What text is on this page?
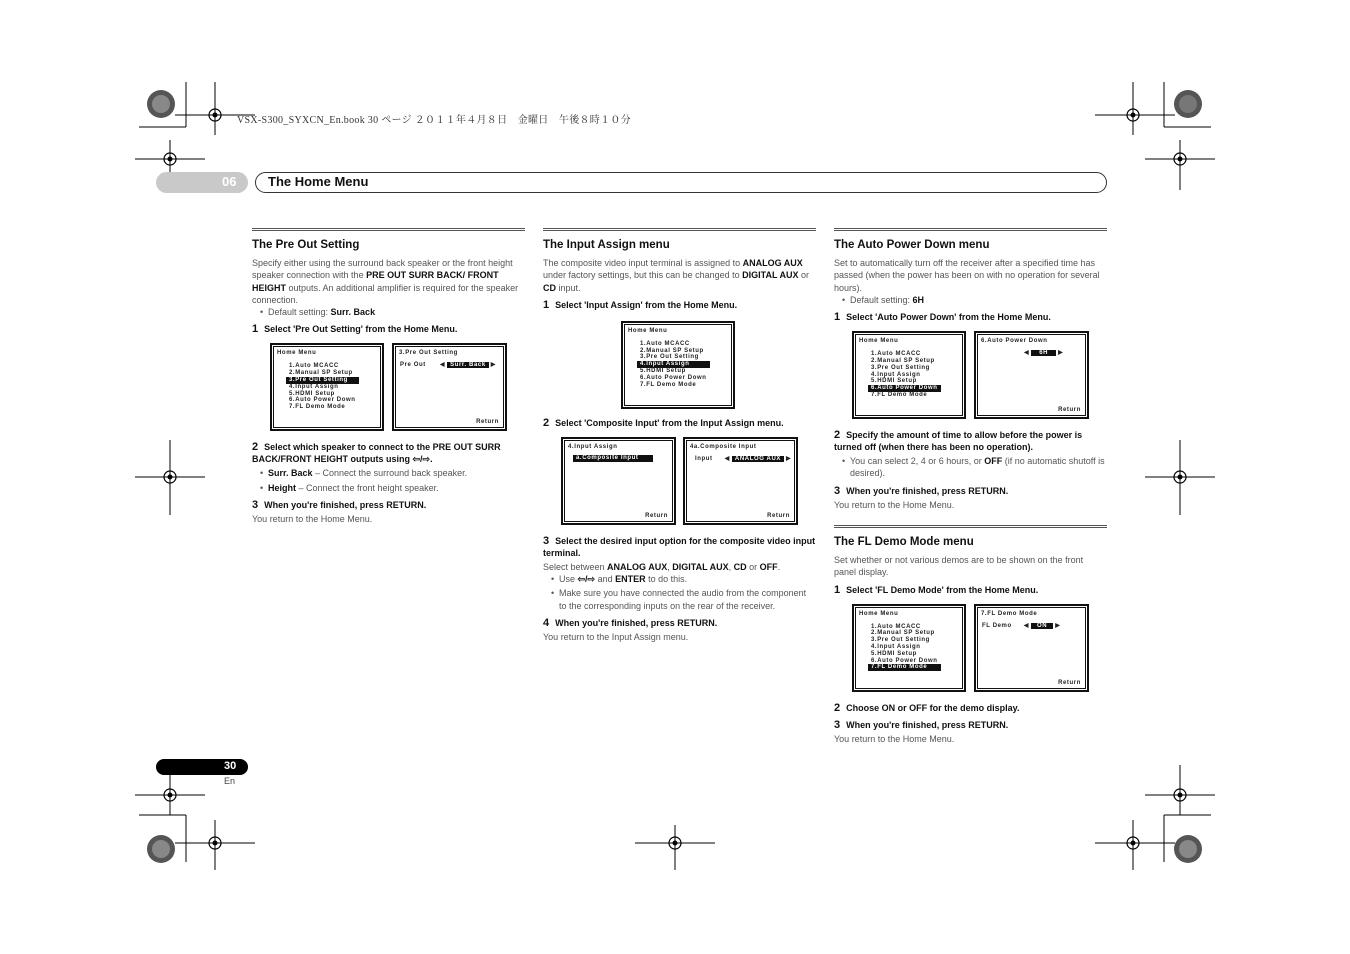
VSX-S300_SYXCN_En.book 30 ページ ２０１１年４月８日　金曜日　午後８時１０分
06 The Home Menu
The Pre Out Setting

Specify either using the surround back speaker or the front height speaker connection with the PRE OUT SURR BACK/ FRONT HEIGHT outputs. An additional amplifier is required for the speaker connection.

• Default setting: Surr. Back

1 Select 'Pre Out Setting' from the Home Menu.
Home Menu
1.Auto MCACC
2.Manual SP Setup
3.Pre Out Setting
4.Input Assign
5.HDMI Setup
6.Auto Power Down
7.FL Demo Mode
3.Pre Out Setting
Pre Out ◀ Surr. Back ▶
Return
2 Select which speaker to connect to the PRE OUT SURR BACK/FRONT HEIGHT outputs using ⇦/⇨.

• Surr. Back – Connect the surround back speaker.

• Height – Connect the front height speaker.

3 When you're finished, press RETURN.

You return to the Home Menu.

The Input Assign menu

The composite video input terminal is assigned to ANALOG AUX under factory settings, but this can be changed to DIGITAL AUX or CD input.

1 Select 'Input Assign' from the Home Menu.
Home Menu
1.Auto MCACC
2.Manual SP Setup
3.Pre Out Setting
4.Input Assign
5.HDMI Setup
6.Auto Power Down
7.FL Demo Mode
2 Select 'Composite Input' from the Input Assign menu.
4.Input Assign
a.Composite Input
Return
4a.Composite Input
Input ◀ ANALOG AUX ▶
Return
3 Select the desired input option for the composite video input terminal.

Select between ANALOG AUX, DIGITAL AUX, CD or OFF.

• Use ⇦/⇨ and ENTER to do this.

• Make sure you have connected the audio from the component to the corresponding inputs on the rear of the receiver.

4 When you're finished, press RETURN.

You return to the Input Assign menu.

The Auto Power Down menu

Set to automatically turn off the receiver after a specified time has passed (when the power has been on with no operation for several hours).

• Default setting: 6H

1 Select 'Auto Power Down' from the Home Menu.
Home Menu
1.Auto MCACC
2.Manual SP Setup
3.Pre Out Setting
4.Input Assign
5.HDMI Setup
6.Auto Power Down
7.FL Demo Mode
6.Auto Power Down
◀ 6H ▶
Return
2 Specify the amount of time to allow before the power is turned off (when there has been no operation).

• You can select 2, 4 or 6 hours, or OFF (if no automatic shutoff is desired).

3 When you're finished, press RETURN.

You return to the Home Menu.

The FL Demo Mode menu

Set whether or not various demos are to be shown on the front panel display.

1 Select 'FL Demo Mode' from the Home Menu.
Home Menu
1.Auto MCACC
2.Manual SP Setup
3.Pre Out Setting
4.Input Assign
5.HDMI Setup
6.Auto Power Down
7.FL Demo Mode
7.FL Demo Mode
FL Demo ◀ ON ▶
Return
2 Choose ON or OFF for the demo display.
3 When you're finished, press RETURN.

You return to the Home Menu.

30
En
